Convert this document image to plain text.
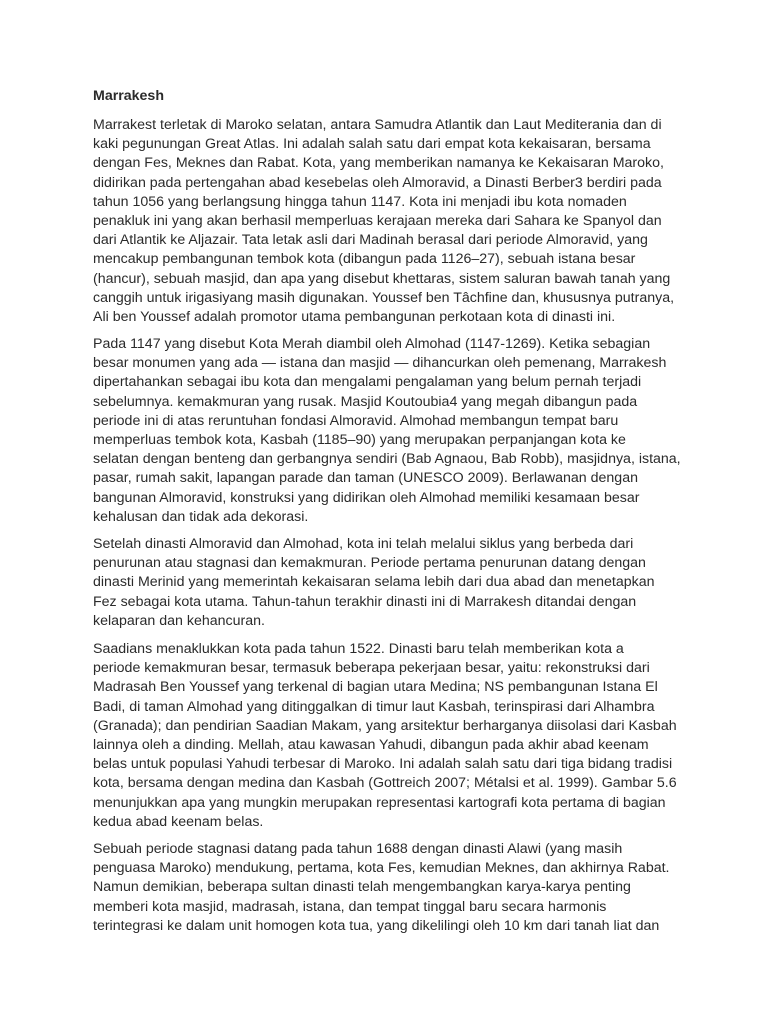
Marrakesh

Marrakest terletak di Maroko selatan, antara Samudra Atlantik dan Laut Mediterania dan di
kaki pegunungan Great Atlas. Ini adalah salah satu dari empat kota kekaisaran, bersama
dengan Fes, Meknes dan Rabat. Kota, yang memberikan namanya ke Kekaisaran Maroko,
didirikan pada pertengahan abad kesebelas oleh Almoravid, a Dinasti Berber3 berdiri pada
tahun 1056 yang berlangsung hingga tahun 1147. Kota ini menjadi ibu kota nomaden
penakluk ini yang akan berhasil memperluas kerajaan mereka dari Sahara ke Spanyol dan
dari Atlantik ke Aljazair. Tata letak asli dari Madinah berasal dari periode Almoravid, yang
mencakup pembangunan tembok kota (dibangun pada 1126–27), sebuah istana besar
(hancur), sebuah masjid, dan apa yang disebut khettaras, sistem saluran bawah tanah yang
canggih untuk irigasiyang masih digunakan. Youssef ben Tâchfine dan, khususnya putranya,
Ali ben Youssef adalah promotor utama pembangunan perkotaan kota di dinasti ini.

Pada 1147 yang disebut Kota Merah diambil oleh Almohad (1147-1269). Ketika sebagian
besar monumen yang ada — istana dan masjid — dihancurkan oleh pemenang, Marrakesh
dipertahankan sebagai ibu kota dan mengalami pengalaman yang belum pernah terjadi
sebelumnya. kemakmuran yang rusak. Masjid Koutoubia4 yang megah dibangun pada
periode ini di atas reruntuhan fondasi Almoravid. Almohad membangun tempat baru
memperluas tembok kota, Kasbah (1185–90) yang merupakan perpanjangan kota ke
selatan dengan benteng dan gerbangnya sendiri (Bab Agnaou, Bab Robb), masjidnya, istana,
pasar, rumah sakit, lapangan parade dan taman (UNESCO 2009). Berlawanan dengan
bangunan Almoravid, konstruksi yang didirikan oleh Almohad memiliki kesamaan besar
kehalusan dan tidak ada dekorasi.

Setelah dinasti Almoravid dan Almohad, kota ini telah melalui siklus yang berbeda dari
penurunan atau stagnasi dan kemakmuran. Periode pertama penurunan datang dengan
dinasti Merinid yang memerintah kekaisaran selama lebih dari dua abad dan menetapkan
Fez sebagai kota utama. Tahun-tahun terakhir dinasti ini di Marrakesh ditandai dengan
kelaparan dan kehancuran.

Saadians menaklukkan kota pada tahun 1522. Dinasti baru telah memberikan kota a
periode kemakmuran besar, termasuk beberapa pekerjaan besar, yaitu: rekonstruksi dari
Madrasah Ben Youssef yang terkenal di bagian utara Medina; NS pembangunan Istana El
Badi, di taman Almohad yang ditinggalkan di timur laut Kasbah, terinspirasi dari Alhambra
(Granada); dan pendirian Saadian Makam, yang arsitektur berharganya diisolasi dari Kasbah
lainnya oleh a dinding. Mellah, atau kawasan Yahudi, dibangun pada akhir abad keenam
belas untuk populasi Yahudi terbesar di Maroko. Ini adalah salah satu dari tiga bidang tradisi
kota, bersama dengan medina dan Kasbah (Gottreich 2007; Métalsi et al. 1999). Gambar 5.6
menunjukkan apa yang mungkin merupakan representasi kartografi kota pertama di bagian
kedua abad keenam belas.

Sebuah periode stagnasi datang pada tahun 1688 dengan dinasti Alawi (yang masih
penguasa Maroko) mendukung, pertama, kota Fes, kemudian Meknes, dan akhirnya Rabat.
Namun demikian, beberapa sultan dinasti telah mengembangkan karya-karya penting
memberi kota masjid, madrasah, istana, dan tempat tinggal baru secara harmonis
terintegrasi ke dalam unit homogen kota tua, yang dikelilingi oleh 10 km dari tanah liat dan
